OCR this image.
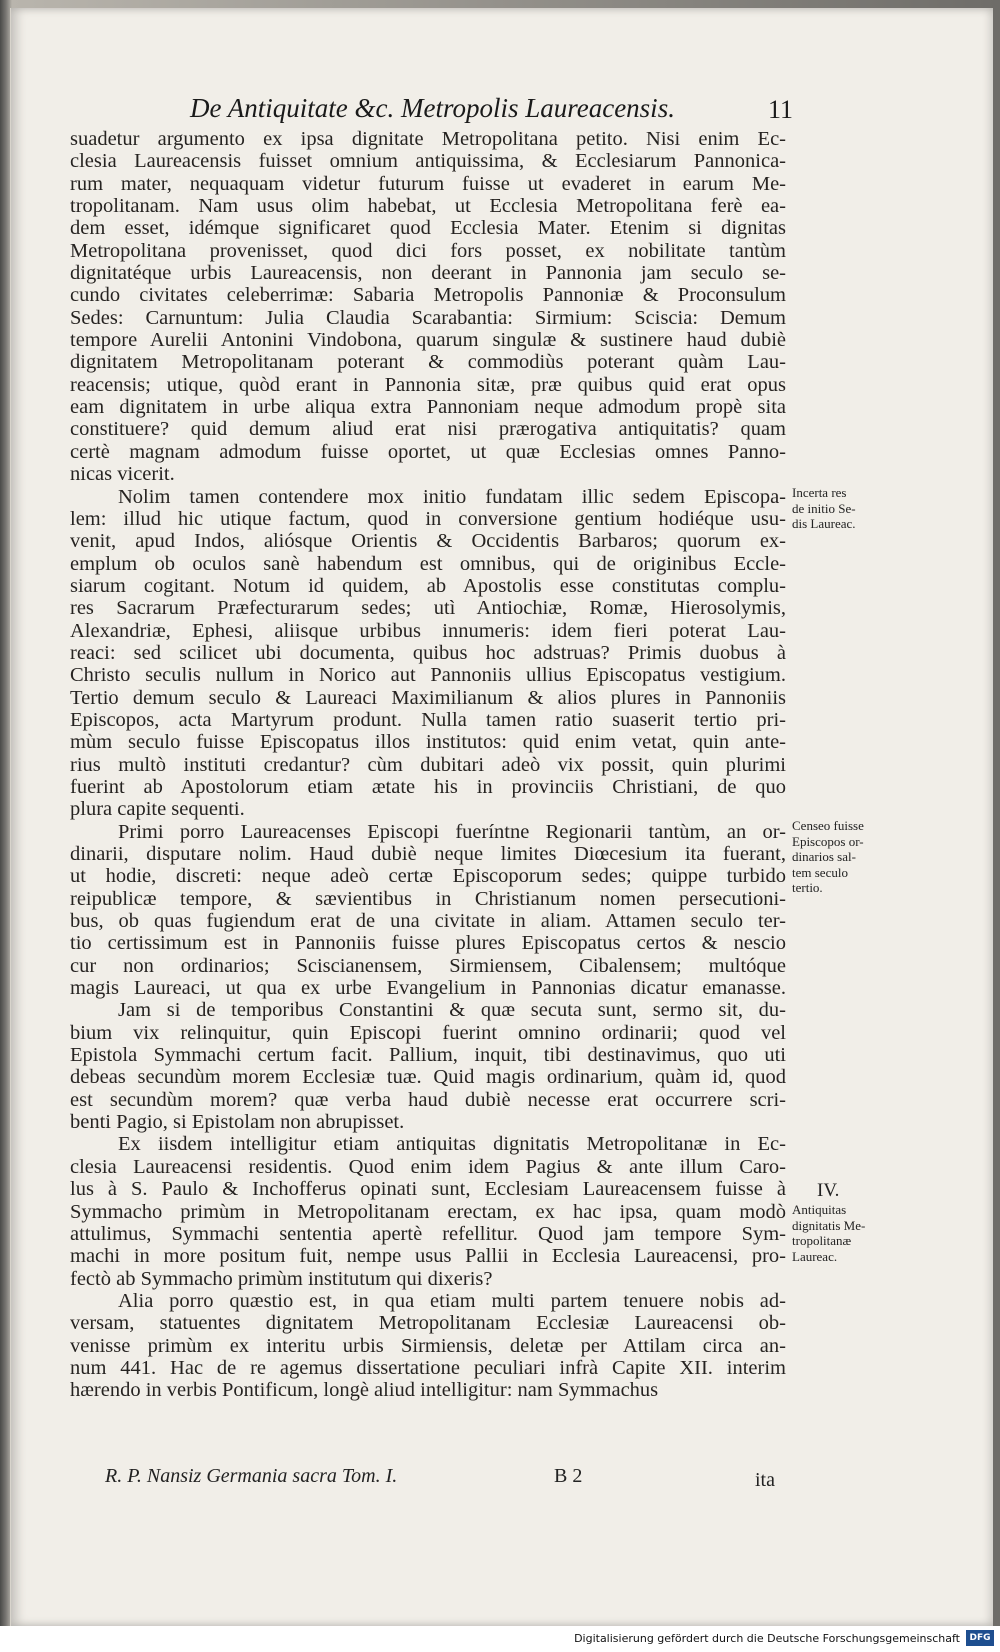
De Antiquitate &c. Metropolis Laureacensis.	11
suadetur argumento ex ipsa dignitate Metropolitana petito. Nisi enim Ec-
clesia Laureacensis fuisset omnium antiquissima, & Ecclesiarum Pannonica-
rum mater, nequaquam videtur futurum fuisse ut evaderet in earum Me-
tropolitanam. Nam usus olim habebat, ut Ecclesia Metropolitana ferè ea-
dem esset, idémque significaret quod Ecclesia Mater. Etenim si dignitas
Metropolitana provenisset, quod dici fors posset, ex nobilitate tantùm
dignitatéque urbis Laureacensis, non deerant in Pannonia jam seculo se-
cundo civitates celeberrimæ: Sabaria Metropolis Pannoniæ & Proconsulum
Sedes: Carnuntum: Julia Claudia Scarabantia: Sirmium: Sciscia: Demum
tempore Aurelii Antonini Vindobona, quarum singulæ & sustinere haud dubiè
dignitatem Metropolitanam poterant & commodiùs poterant quàm Lau-
reacensis; utique, quòd erant in Pannonia sitæ, præ quibus quid erat opus
eam dignitatem in urbe aliqua extra Pannoniam neque admodum propè sita
constituere? quid demum aliud erat nisi prærogativa antiquitatis? quam
certè magnam admodum fuisse oportet, ut quæ Ecclesias omnes Panno-
nicas vicerit.
Nolim tamen contendere mox initio fundatam illic sedem Episcopa-
lem: illud hic utique factum, quod in conversione gentium hodiéque usu-
venit, apud Indos, aliósque Orientis & Occidentis Barbaros; quorum ex-
emplum ob oculos sanè habendum est omnibus, qui de originibus Eccle-
siarum cogitant. Notum id quidem, ab Apostolis esse constitutas complu-
res Sacrarum Præfecturarum sedes; utì Antiochiæ, Romæ, Hierosolymis,
Alexandriæ, Ephesi, aliisque urbibus innumeris: idem fieri poterat Lau-
reaci: sed scilicet ubi documenta, quibus hoc adstruas? Primis duobus à
Christo seculis nullum in Norico aut Pannoniis ullius Episcopatus vestigium.
Tertio demum seculo & Laureaci Maximilianum & alios plures in Pannoniis
Episcopos, acta Martyrum produnt. Nulla tamen ratio suaserit tertio pri-
mùm seculo fuisse Episcopatus illos institutos: quid enim vetat, quin ante-
rius multò instituti credantur? cùm dubitari adeò vix possit, quin plurimi
fuerint ab Apostolorum etiam ætate his in provinciis Christiani, de quo
plura capite sequenti.
Primi porro Laureacenses Episcopi fueríntne Regionarii tantùm, an or-
dinarii, disputare nolim. Haud dubiè neque limites Diœcesium ita fuerant,
ut hodie, discreti: neque adeò certæ Episcoporum sedes; quippe turbido
reipublicæ tempore, & sævientibus in Christianum nomen persecutioni-
bus, ob quas fugiendum erat de una civitate in aliam. Attamen seculo ter-
tio certissimum est in Pannoniis fuisse plures Episcopatus certos & nescio
cur non ordinarios; Sciscianensem, Sirmiensem, Cibalensem; multóque
magis Laureaci, ut qua ex urbe Evangelium in Pannonias dicatur emanasse.
Jam si de temporibus Constantini & quæ secuta sunt, sermo sit, du-
bium vix relinquitur, quin Episcopi fuerint omnino ordinarii; quod vel
Epistola Symmachi certum facit. Pallium, inquit, tibi destinavimus, quo uti
debeas secundùm morem Ecclesiæ tuæ. Quid magis ordinarium, quàm id, quod
est secundùm morem? quæ verba haud dubiè necesse erat occurrere scri-
benti Pagio, si Epistolam non abrupisset.
Ex iisdem intelligitur etiam antiquitas dignitatis Metropolitanæ in Ec-
clesia Laureacensi residentis. Quod enim idem Pagius & ante illum Caro-
lus à S. Paulo & Inchofferus opinati sunt, Ecclesiam Laureacensem fuisse à
Symmacho primùm in Metropolitanam erectam, ex hac ipsa, quam modò
attulimus, Symmachi sententia apertè refellitur. Quod jam tempore Sym-
machi in more positum fuit, nempe usus Pallii in Ecclesia Laureacensi, pro-
fectò ab Symmacho primùm institutum qui dixeris?
Alia porro quæstio est, in qua etiam multi partem tenuere nobis ad-
versam, statuentes dignitatem Metropolitanam Ecclesiæ Laureacensi ob-
venisse primùm ex interitu urbis Sirmiensis, deletæ per Attilam circa an-
num 441. Hac de re agemus dissertatione peculiari infrà Capite XII. interim
hærendo in verbis Pontificum, longè aliud intelligitur: nam Symmachus
Incerta res
de initio Se-
dis Laureac.
Censeo fuisse
Episcopos or-
dinarios sal-
tem seculo
tertio.
IV.
Antiquitas
dignitatis Me-
tropolitanæ
Laureac.
R. P. Nansiz Germania sacra Tom. I.	B 2	ita
Digitalisierung gefördert durch die Deutsche Forschungsgemeinschaft	DFG
